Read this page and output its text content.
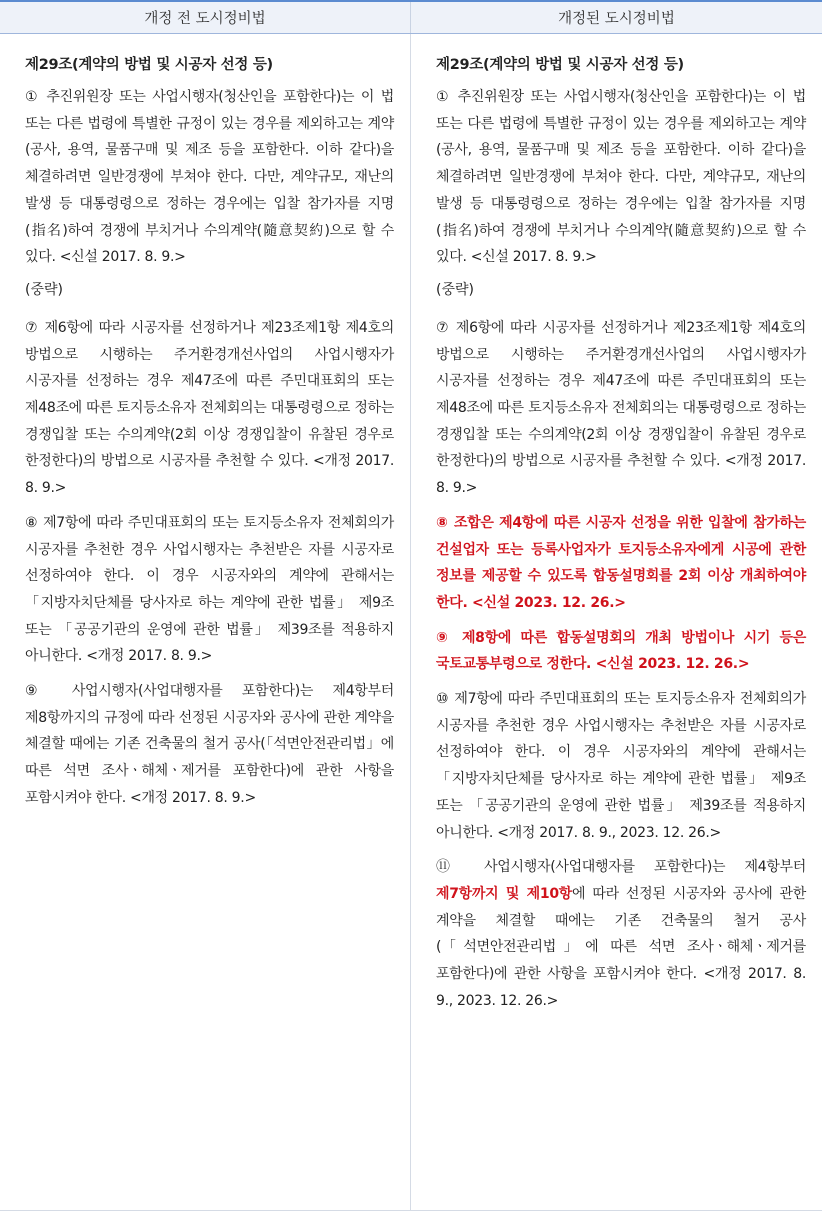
개정 전 도시정비법	개정된 도시정비법
제29조(계약의 방법 및 시공자 선정 등)

① 추진위원장 또는 사업시행자(청산인을 포함한다)는 이 법 또는 다른 법령에 특별한 규정이 있는 경우를 제외하고는 계약(공사, 용역, 물품구매 및 제조 등을 포함한다. 이하 같다)을 체결하려면 일반경쟁에 부쳐야 한다. 다만, 계약규모, 재난의 발생 등 대통령령으로 정하는 경우에는 입찰 참가자를 지명(指名)하여 경쟁에 부치거나 수의계약(隨意契約)으로 할 수 있다. <신설 2017. 8. 9.>

(중략)

⑦ 제6항에 따라 시공자를 선정하거나 제23조제1항 제4호의 방법으로 시행하는 주거환경개선사업의 사업시행자가 시공자를 선정하는 경우 제47조에 따른 주민대표회의 또는 제48조에 따른 토지등소유자 전체회의는 대통령령으로 정하는 경쟁입찰 또는 수의계약(2회 이상 경쟁입찰이 유찰된 경우로 한정한다)의 방법으로 시공자를 추천할 수 있다. <개정 2017. 8. 9.>

⑧ 제7항에 따라 주민대표회의 또는 토지등소유자 전체회의가 시공자를 추천한 경우 사업시행자는 추천받은 자를 시공자로 선정하여야 한다. 이 경우 시공자와의 계약에 관해서는 「지방자치단체를 당사자로 하는 계약에 관한 법률」 제9조 또는 「공공기관의 운영에 관한 법률」 제39조를 적용하지 아니한다. <개정 2017. 8. 9.>

⑨ 사업시행자(사업대행자를 포함한다)는 제4항부터 제8항까지의 규정에 따라 선정된 시공자와 공사에 관한 계약을 체결할 때에는 기존 건축물의 철거 공사(「석면안전관리법」에 따른 석면 조사ㆍ해체ㆍ제거를 포함한다)에 관한 사항을 포함시켜야 한다. <개정 2017. 8. 9.>

제29조(계약의 방법 및 시공자 선정 등)

① 추진위원장 또는 사업시행자(청산인을 포함한다)는 이 법 또는 다른 법령에 특별한 규정이 있는 경우를 제외하고는 계약(공사, 용역, 물품구매 및 제조 등을 포함한다. 이하 같다)을 체결하려면 일반경쟁에 부쳐야 한다. 다만, 계약규모, 재난의 발생 등 대통령령으로 정하는 경우에는 입찰 참가자를 지명(指名)하여 경쟁에 부치거나 수의계약(隨意契約)으로 할 수 있다. <신설 2017. 8. 9.>

(중략)

⑦ 제6항에 따라 시공자를 선정하거나 제23조제1항 제4호의 방법으로 시행하는 주거환경개선사업의 사업시행자가 시공자를 선정하는 경우 제47조에 따른 주민대표회의 또는 제48조에 따른 토지등소유자 전체회의는 대통령령으로 정하는 경쟁입찰 또는 수의계약(2회 이상 경쟁입찰이 유찰된 경우로 한정한다)의 방법으로 시공자를 추천할 수 있다. <개정 2017. 8. 9.>

⑧ 조합은 제4항에 따른 시공자 선정을 위한 입찰에 참가하는 건설업자 또는 등록사업자가 토지등소유자에게 시공에 관한 정보를 제공할 수 있도록 합동설명회를 2회 이상 개최하여야 한다. <신설 2023. 12. 26.>

⑨ 제8항에 따른 합동설명회의 개최 방법이나 시기 등은 국토교통부령으로 정한다. <신설 2023. 12. 26.>

⑩ 제7항에 따라 주민대표회의 또는 토지등소유자 전체회의가 시공자를 추천한 경우 사업시행자는 추천받은 자를 시공자로 선정하여야 한다. 이 경우 시공자와의 계약에 관해서는 「지방자치단체를 당사자로 하는 계약에 관한 법률」 제9조 또는 「공공기관의 운영에 관한 법률」 제39조를 적용하지 아니한다. <개정 2017. 8. 9., 2023. 12. 26.>

⑪ 사업시행자(사업대행자를 포함한다)는 제4항부터 제7항까지 및 제10항에 따라 선정된 시공자와 공사에 관한 계약을 체결할 때에는 기존 건축물의 철거 공사(「석면안전관리법」에 따른 석면 조사ㆍ해체ㆍ제거를 포함한다)에 관한 사항을 포함시켜야 한다. <개정 2017. 8. 9., 2023. 12. 26.>
